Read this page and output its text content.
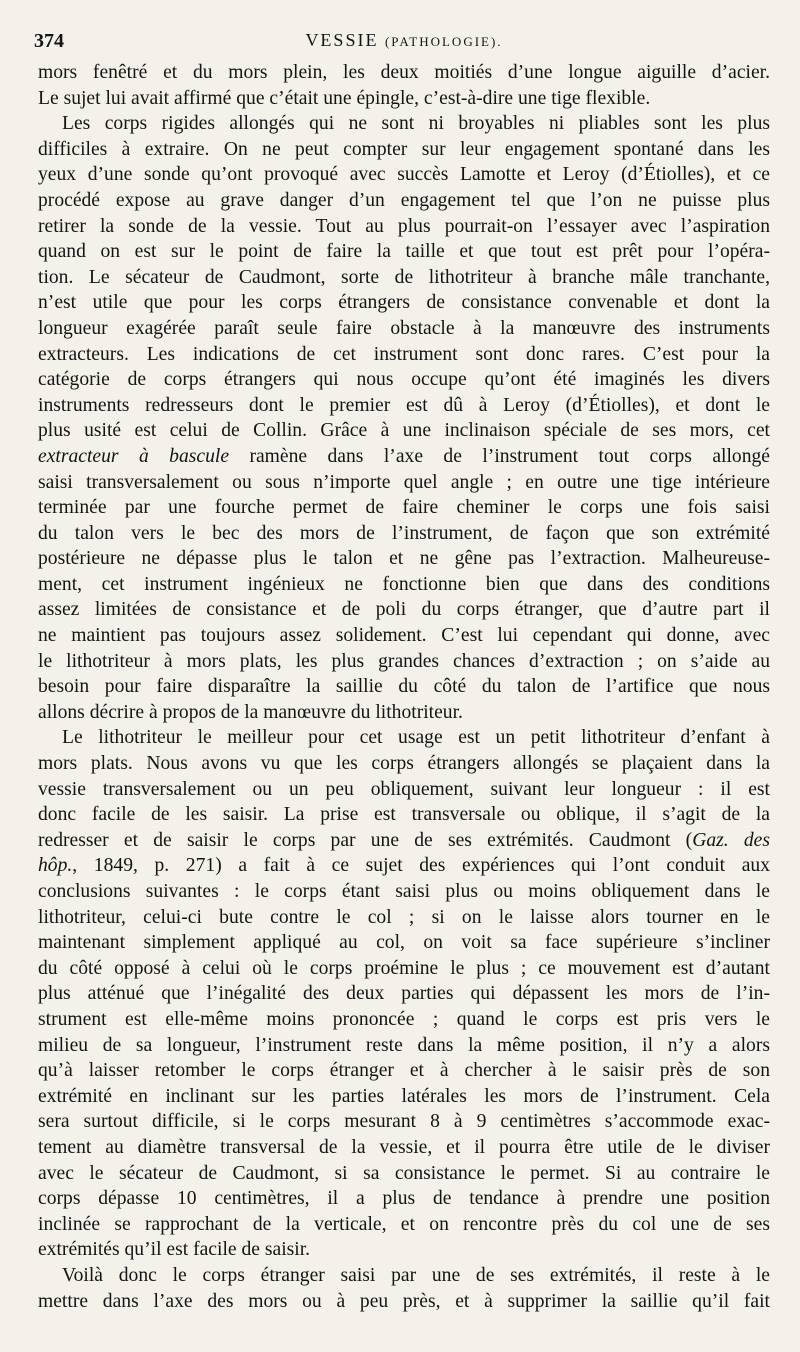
374	VESSIE (PATHOLOGIE).
mors fenêtré et du mors plein, les deux moitiés d’une longue aiguille d’acier.
Le sujet lui avait affirmé que c’était une épingle, c’est-à-dire une tige flexible.
Les corps rigides allongés qui ne sont ni broyables ni pliables sont les plus
difficiles à extraire. On ne peut compter sur leur engagement spontané dans les
yeux d’une sonde qu’ont provoqué avec succès Lamotte et Leroy (d’Étiolles), et ce
procédé expose au grave danger d’un engagement tel que l’on ne puisse plus
retirer la sonde de la vessie. Tout au plus pourrait-on l’essayer avec l’aspiration
quand on est sur le point de faire la taille et que tout est prêt pour l’opéra-
tion. Le sécateur de Caudmont, sorte de lithotriteur à branche mâle tranchante,
n’est utile que pour les corps étrangers de consistance convenable et dont la
longueur exagérée paraît seule faire obstacle à la manœuvre des instruments
extracteurs. Les indications de cet instrument sont donc rares. C’est pour la
catégorie de corps étrangers qui nous occupe qu’ont été imaginés les divers
instruments redresseurs dont le premier est dû à Leroy (d’Étiolles), et dont le
plus usité est celui de Collin. Grâce à une inclinaison spéciale de ses mors, cet
extracteur à bascule ramène dans l’axe de l’instrument tout corps allongé
saisi transversalement ou sous n’importe quel angle ; en outre une tige intérieure
terminée par une fourche permet de faire cheminer le corps une fois saisi
du talon vers le bec des mors de l’instrument, de façon que son extrémité
postérieure ne dépasse plus le talon et ne gêne pas l’extraction. Malheureuse-
ment, cet instrument ingénieux ne fonctionne bien que dans des conditions
assez limitées de consistance et de poli du corps étranger, que d’autre part il
ne maintient pas toujours assez solidement. C’est lui cependant qui donne, avec
le lithotriteur à mors plats, les plus grandes chances d’extraction ; on s’aide au
besoin pour faire disparaître la saillie du côté du talon de l’artifice que nous
allons décrire à propos de la manœuvre du lithotriteur.
Le lithotriteur le meilleur pour cet usage est un petit lithotriteur d’enfant à
mors plats. Nous avons vu que les corps étrangers allongés se plaçaient dans la
vessie transversalement ou un peu obliquement, suivant leur longueur : il est
donc facile de les saisir. La prise est transversale ou oblique, il s’agit de la
redresser et de saisir le corps par une de ses extrémités. Caudmont (Gaz. des
hôp., 1849, p. 271) a fait à ce sujet des expériences qui l’ont conduit aux
conclusions suivantes : le corps étant saisi plus ou moins obliquement dans le
lithotriteur, celui-ci bute contre le col ; si on le laisse alors tourner en le
maintenant simplement appliqué au col, on voit sa face supérieure s’incliner
du côté opposé à celui où le corps proémine le plus ; ce mouvement est d’autant
plus atténué que l’inégalité des deux parties qui dépassent les mors de l’in-
strument est elle-même moins prononcée ; quand le corps est pris vers le
milieu de sa longueur, l’instrument reste dans la même position, il n’y a alors
qu’à laisser retomber le corps étranger et à chercher à le saisir près de son
extrémité en inclinant sur les parties latérales les mors de l’instrument. Cela
sera surtout difficile, si le corps mesurant 8 à 9 centimètres s’accommode exac-
tement au diamètre transversal de la vessie, et il pourra être utile de le diviser
avec le sécateur de Caudmont, si sa consistance le permet. Si au contraire le
corps dépasse 10 centimètres, il a plus de tendance à prendre une position
inclinée se rapprochant de la verticale, et on rencontre près du col une de ses
extrémités qu’il est facile de saisir.
Voilà donc le corps étranger saisi par une de ses extrémités, il reste à le
mettre dans l’axe des mors ou à peu près, et à supprimer la saillie qu’il fait
